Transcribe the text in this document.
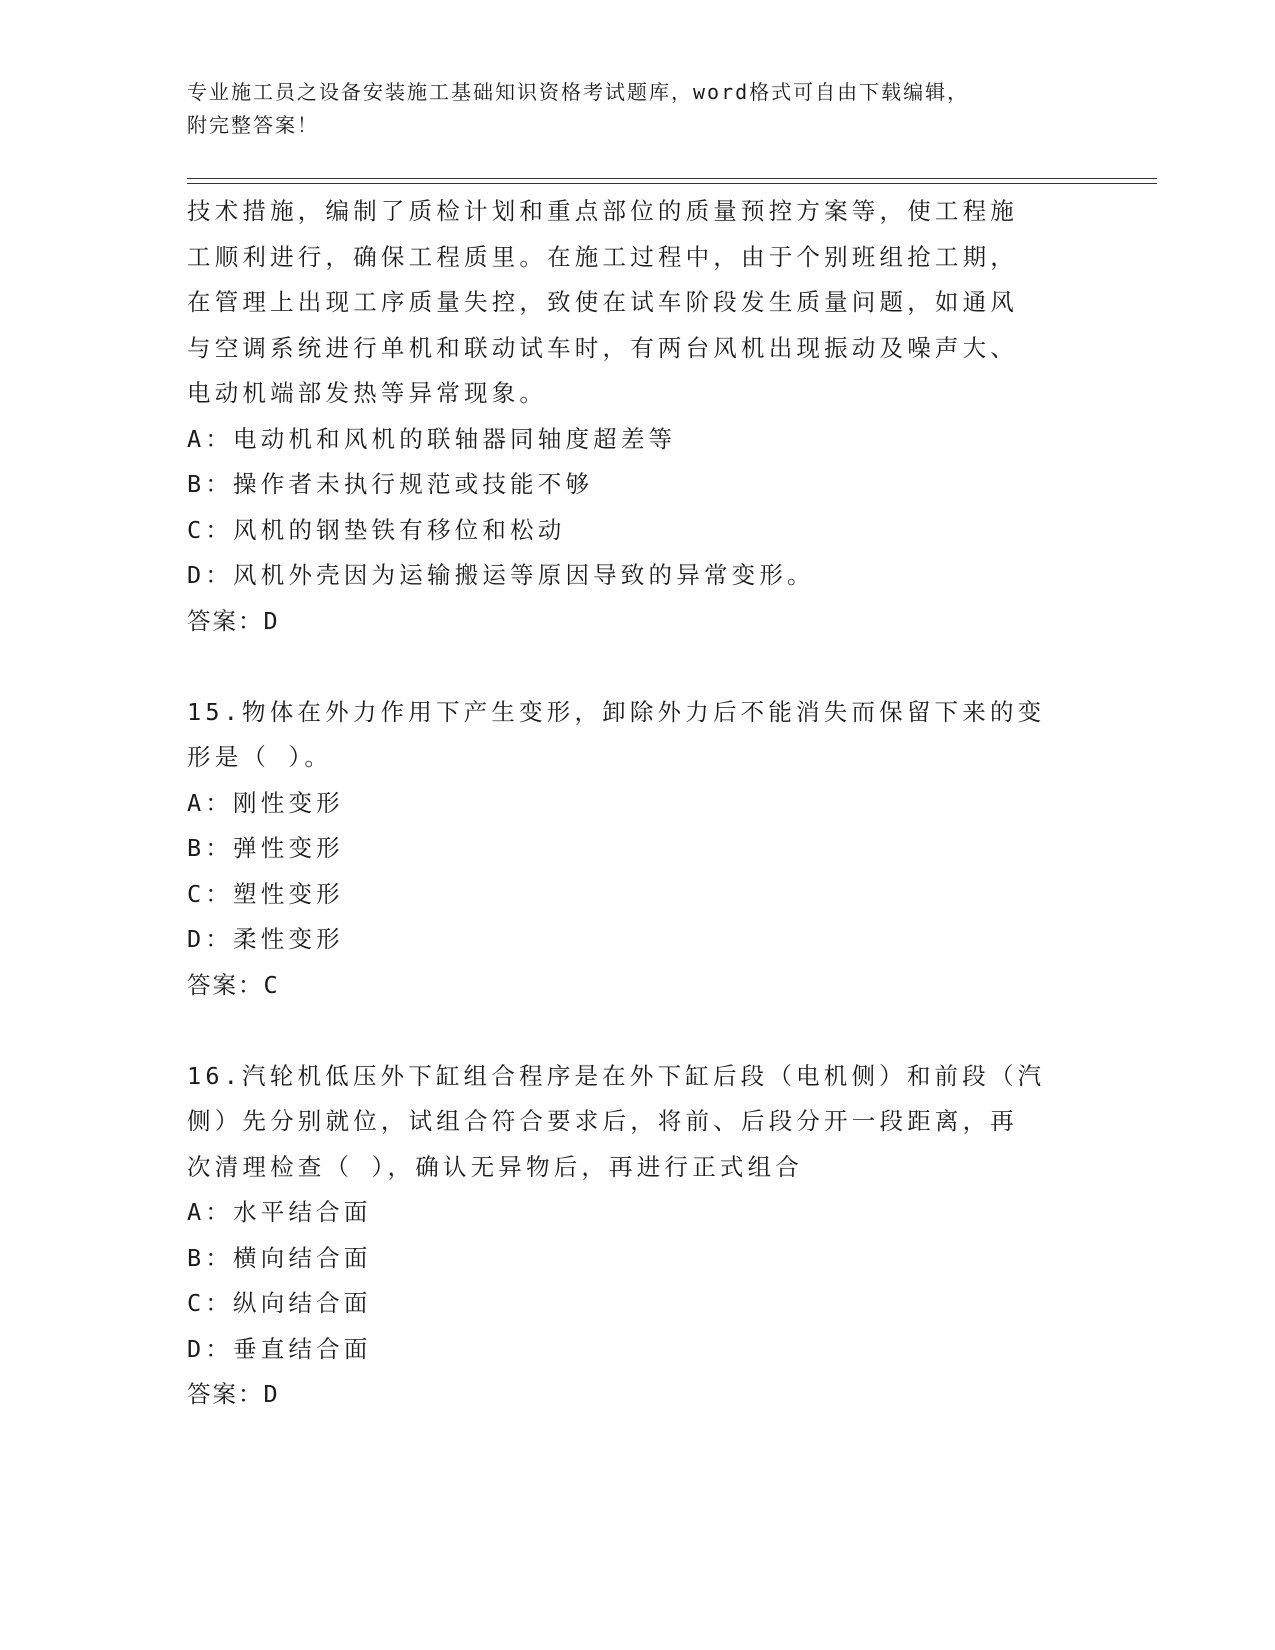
专业施工员之设备安装施工基础知识资格考试题库，word格式可自由下载编辑，
附完整答案！
技术措施，编制了质检计划和重点部位的质量预控方案等，使工程施
工顺利进行，确保工程质里。在施工过程中，由于个别班组抢工期，
在管理上出现工序质量失控，致使在试车阶段发生质量问题，如通风
与空调系统进行单机和联动试车时，有两台风机出现振动及噪声大、
电动机端部发热等异常现象。
A：电动机和风机的联轴器同轴度超差等
B：操作者未执行规范或技能不够
C：风机的钢垫铁有移位和松动
D：风机外壳因为运输搬运等原因导致的异常变形。
答案：D
15.物体在外力作用下产生变形，卸除外力后不能消失而保留下来的变
形是（ ）。
A：刚性变形
B：弹性变形
C：塑性变形
D：柔性变形
答案：C
16.汽轮机低压外下缸组合程序是在外下缸后段（电机侧）和前段（汽
侧）先分别就位，试组合符合要求后，将前、后段分开一段距离，再
次清理检查（ ），确认无异物后，再进行正式组合
A：水平结合面
B：横向结合面
C：纵向结合面
D：垂直结合面
答案：D
